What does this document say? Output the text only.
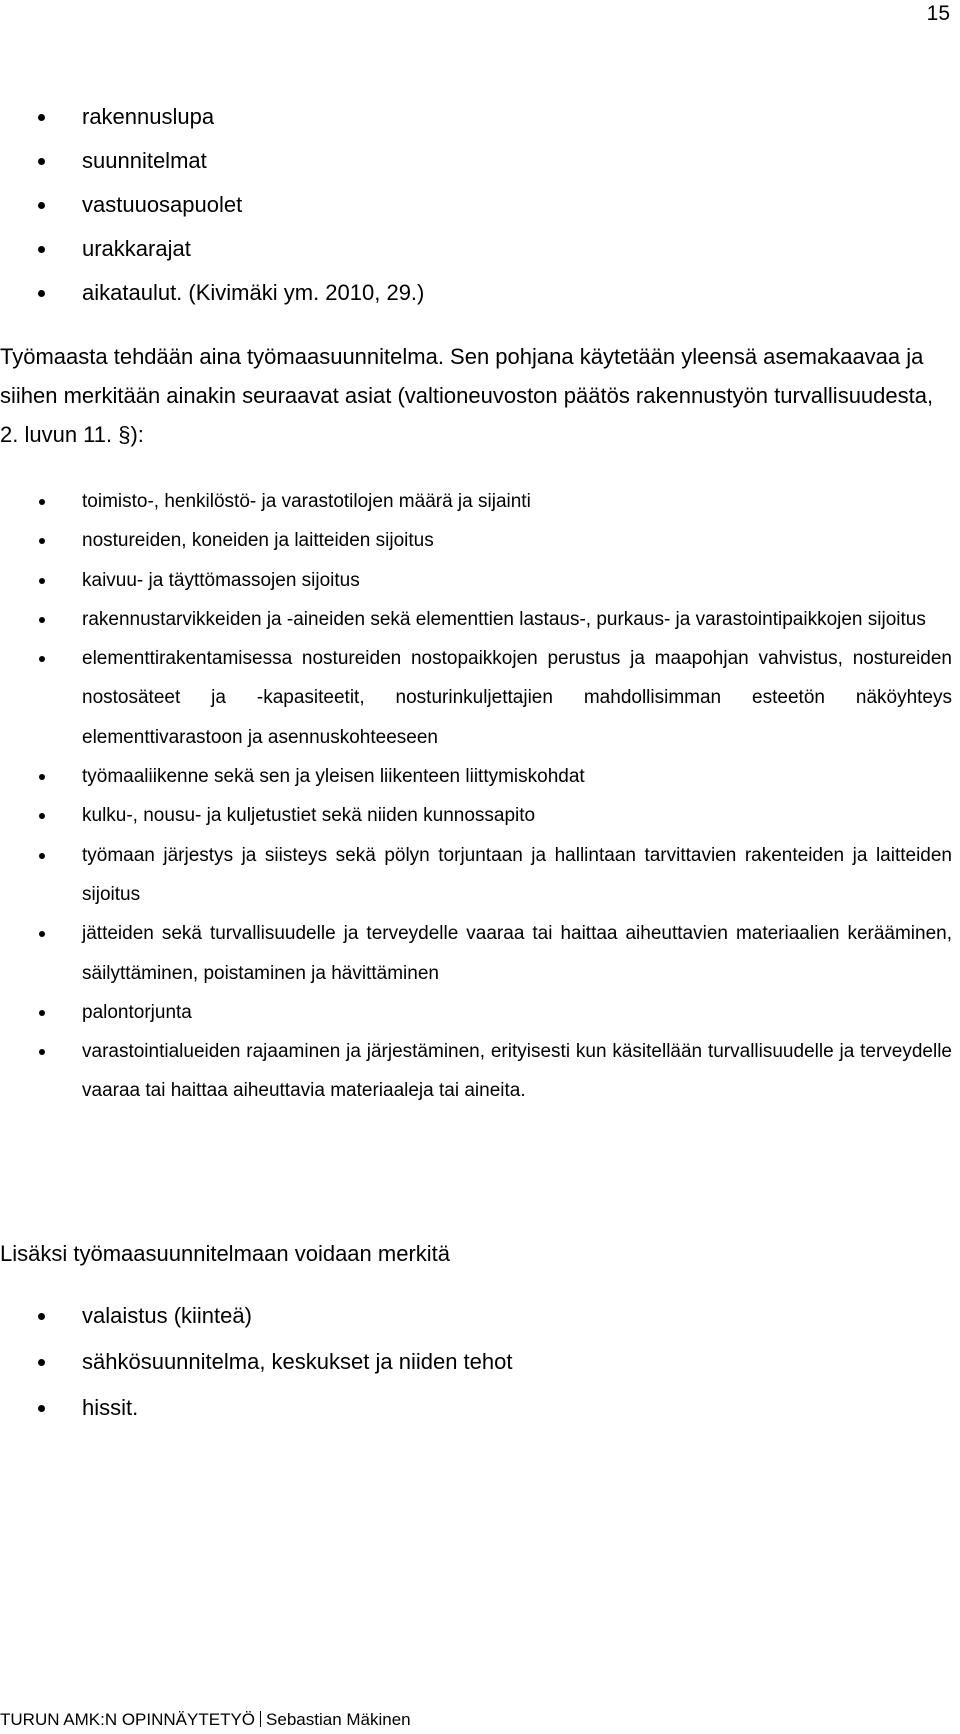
15
rakennuslupa
suunnitelmat
vastuuosapuolet
urakkarajat
aikataulut. (Kivimäki ym. 2010, 29.)

Työmaasta tehdään aina työmaasuunnitelma. Sen pohjana käytetään yleensä asemakaavaa ja siihen merkitään ainakin seuraavat asiat (valtioneuvoston päätös rakennustyön turvallisuudesta, 2. luvun 11. §):

toimisto-, henkilöstö- ja varastotilojen määrä ja sijainti
nostureiden, koneiden ja laitteiden sijoitus
kaivuu- ja täyttömassojen sijoitus
rakennustarvikkeiden ja -aineiden sekä elementtien lastaus-, purkaus- ja varastointipaikkojen sijoitus
elementtirakentamisessa nostureiden nostopaikkojen perustus ja maapohjan vahvistus, nostureiden nostosäteet ja -kapasiteetit, nosturinkuljettajien mahdollisimman esteetön näköyhteys elementtivarastoon ja asennuskohteeseen
työmaaliikenne sekä sen ja yleisen liikenteen liittymiskohdat
kulku-, nousu- ja kuljetustiet sekä niiden kunnossapito
työmaan järjestys ja siisteys sekä pölyn torjuntaan ja hallintaan tarvittavien rakenteiden ja laitteiden sijoitus
jätteiden sekä turvallisuudelle ja terveydelle vaaraa tai haittaa aiheuttavien materiaalien kerääminen, säilyttäminen, poistaminen ja hävittäminen
palontorjunta
varastointialueiden rajaaminen ja järjestäminen, erityisesti kun käsitellään turvallisuudelle ja terveydelle vaaraa tai haittaa aiheuttavia materiaaleja tai aineita.

Lisäksi työmaasuunnitelmaan voidaan merkitä

valaistus (kiinteä)
sähkösuunnitelma, keskukset ja niiden tehot
hissit.
TURUN AMK:N OPINNÄYTETYÖ Sebastian Mäkinen
